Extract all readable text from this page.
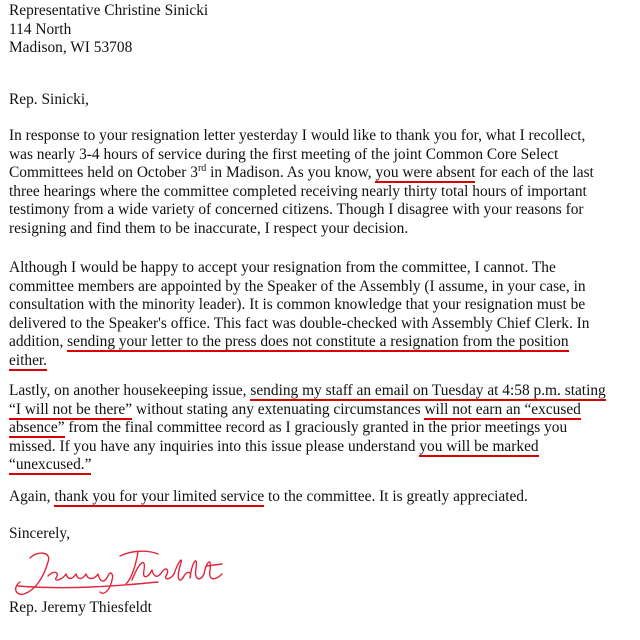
Representative Christine Sinicki
114 North
Madison, WI 53708
Rep. Sinicki,
In response to your resignation letter yesterday I would like to thank you for, what I recollect,
was nearly 3-4 hours of service during the first meeting of the joint Common Core Select
Committees held on October 3rd in Madison. As you know, you were absent for each of the last
three hearings where the committee completed receiving nearly thirty total hours of important
testimony from a wide variety of concerned citizens. Though I disagree with your reasons for
resigning and find them to be inaccurate, I respect your decision.
Although I would be happy to accept your resignation from the committee, I cannot. The
committee members are appointed by the Speaker of the Assembly (I assume, in your case, in
consultation with the minority leader). It is common knowledge that your resignation must be
delivered to the Speaker's office. This fact was double-checked with Assembly Chief Clerk. In
addition, sending your letter to the press does not constitute a resignation from the position
either.
Lastly, on another housekeeping issue, sending my staff an email on Tuesday at 4:58 p.m. stating
“I will not be there” without stating any extenuating circumstances will not earn an “excused
absence” from the final committee record as I graciously granted in the prior meetings you
missed. If you have any inquiries into this issue please understand you will be marked
“unexcused.”
Again, thank you for your limited service to the committee. It is greatly appreciated.
Sincerely,
Rep. Jeremy Thiesfeldt
